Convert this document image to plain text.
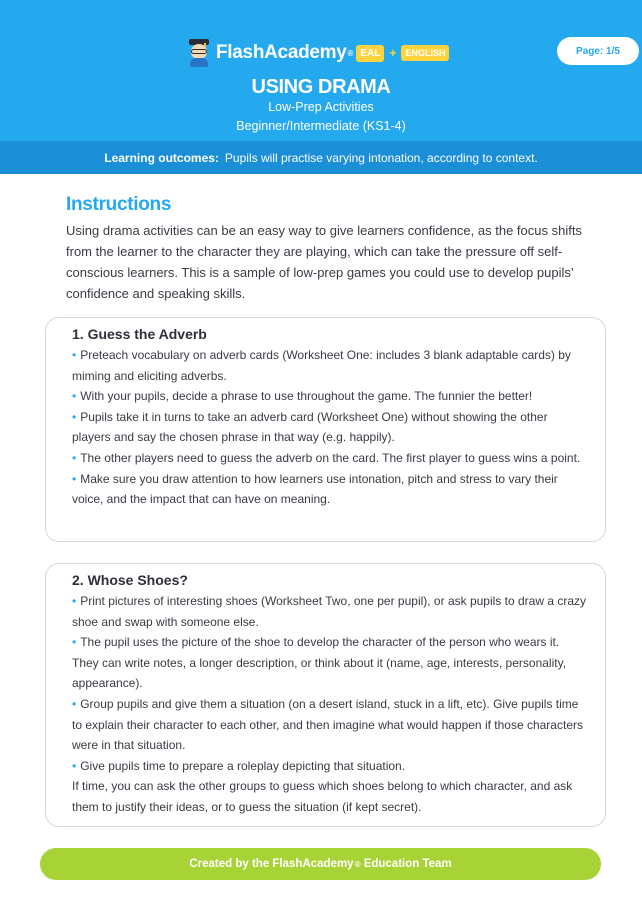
FlashAcademy ® EAL +	ENGLISH	Page: 1/5
USING DRAMA
Low-Prep Activities
Beginner/Intermediate (KS1-4)
Learning outcomes: Pupils will practise varying intonation, according to context.
Instructions
Using drama activities can be an easy way to give learners confidence, as the focus shifts from the learner to the character they are playing, which can take the pressure off self-conscious learners. This is a sample of low-prep games you could use to develop pupils’ confidence and speaking skills.
1. Guess the Adverb
• Preteach vocabulary on adverb cards (Worksheet One: includes 3 blank adaptable cards) by miming and eliciting adverbs.
• With your pupils, decide a phrase to use throughout the game. The funnier the better!
• Pupils take it in turns to take an adverb card (Worksheet One) without showing the other players and say the chosen phrase in that way (e.g. happily).
• The other players need to guess the adverb on the card. The first player to guess wins a point.
• Make sure you draw attention to how learners use intonation, pitch and stress to vary their voice, and the impact that can have on meaning.
2. Whose Shoes?
• Print pictures of interesting shoes (Worksheet Two, one per pupil), or ask pupils to draw a crazy shoe and swap with someone else.
• The pupil uses the picture of the shoe to develop the character of the person who wears it. They can write notes, a longer description, or think about it (name, age, interests, personality, appearance).
• Group pupils and give them a situation (on a desert island, stuck in a lift, etc). Give pupils time to explain their character to each other, and then imagine what would happen if those characters were in that situation.
• Give pupils time to prepare a roleplay depicting that situation.
If time, you can ask the other groups to guess which shoes belong to which character, and ask them to justify their ideas, or to guess the situation (if kept secret).
Created by the FlashAcademy ® Education Team
